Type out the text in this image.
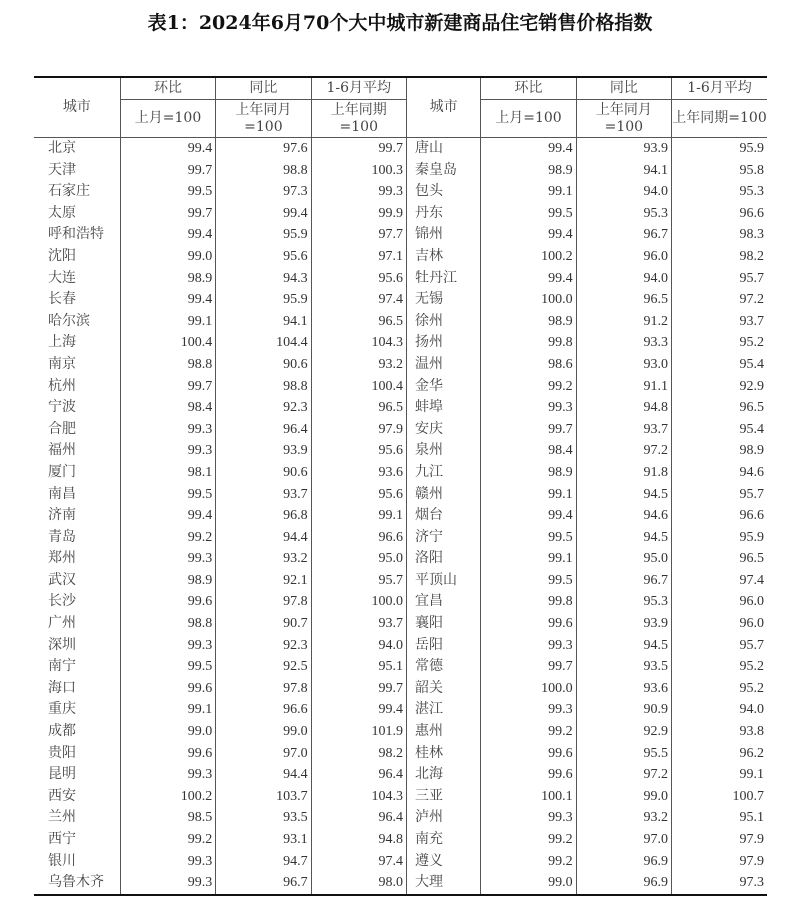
表1：2024年6月70个大中城市新建商品住宅销售价格指数
城市	环比	同比	1-6月平均	城市	环比	同比	1-6月平均
	上月=100	上年同月=100	上年同期=100		上月=100	上年同月=100	上年同期=100
北京	99.4	97.6	99.7	唐山	99.4	93.9	95.9
天津	99.7	98.8	100.3	秦皇岛	98.9	94.1	95.8
石家庄	99.5	97.3	99.3	包头	99.1	94.0	95.3
太原	99.7	99.4	99.9	丹东	99.5	95.3	96.6
呼和浩特	99.4	95.9	97.7	锦州	99.4	96.7	98.3
沈阳	99.0	95.6	97.1	吉林	100.2	96.0	98.2
大连	98.9	94.3	95.6	牡丹江	99.4	94.0	95.7
长春	99.4	95.9	97.4	无锡	100.0	96.5	97.2
哈尔滨	99.1	94.1	96.5	徐州	98.9	91.2	93.7
上海	100.4	104.4	104.3	扬州	99.8	93.3	95.2
南京	98.8	90.6	93.2	温州	98.6	93.0	95.4
杭州	99.7	98.8	100.4	金华	99.2	91.1	92.9
宁波	98.4	92.3	96.5	蚌埠	99.3	94.8	96.5
合肥	99.3	96.4	97.9	安庆	99.7	93.7	95.4
福州	99.3	93.9	95.6	泉州	98.4	97.2	98.9
厦门	98.1	90.6	93.6	九江	98.9	91.8	94.6
南昌	99.5	93.7	95.6	赣州	99.1	94.5	95.7
济南	99.4	96.8	99.1	烟台	99.4	94.6	96.6
青岛	99.2	94.4	96.6	济宁	99.5	94.5	95.9
郑州	99.3	93.2	95.0	洛阳	99.1	95.0	96.5
武汉	98.9	92.1	95.7	平顶山	99.5	96.7	97.4
长沙	99.6	97.8	100.0	宜昌	99.8	95.3	96.0
广州	98.8	90.7	93.7	襄阳	99.6	93.9	96.0
深圳	99.3	92.3	94.0	岳阳	99.3	94.5	95.7
南宁	99.5	92.5	95.1	常德	99.7	93.5	95.2
海口	99.6	97.8	99.7	韶关	100.0	93.6	95.2
重庆	99.1	96.6	99.4	湛江	99.3	90.9	94.0
成都	99.0	99.0	101.9	惠州	99.2	92.9	93.8
贵阳	99.6	97.0	98.2	桂林	99.6	95.5	96.2
昆明	99.3	94.4	96.4	北海	99.6	97.2	99.1
西安	100.2	103.7	104.3	三亚	100.1	99.0	100.7
兰州	98.5	93.5	96.4	泸州	99.3	93.2	95.1
西宁	99.2	93.1	94.8	南充	99.2	97.0	97.9
银川	99.3	94.7	97.4	遵义	99.2	96.9	97.9
乌鲁木齐	99.3	96.7	98.0	大理	99.0	96.9	97.3
